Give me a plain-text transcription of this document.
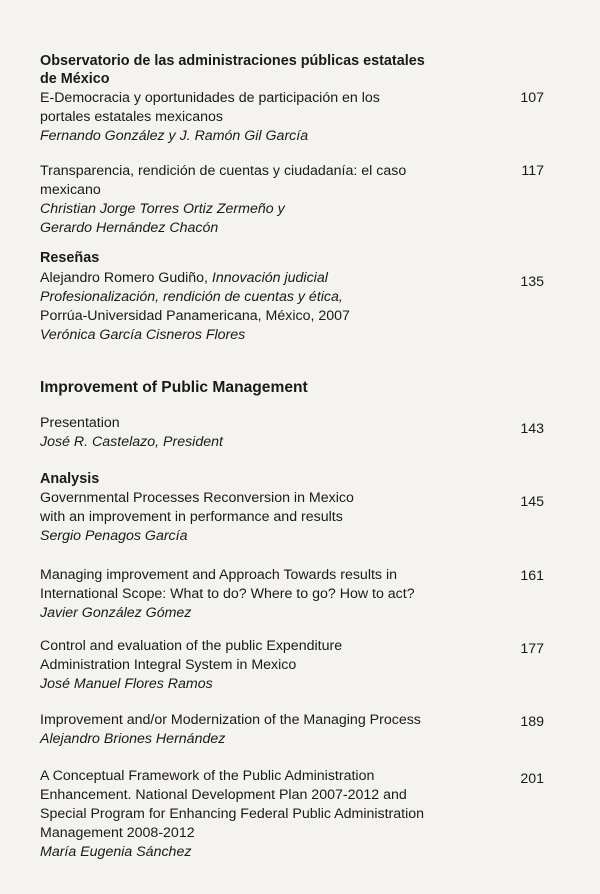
Observatorio de las administraciones públicas estatales
de México
E-Democracia y oportunidades de participación en los
portales estatales mexicanos
Fernando González y J. Ramón Gil García
107
Transparencia, rendición de cuentas y ciudadanía: el caso
mexicano
Christian Jorge Torres Ortiz Zermeño y
Gerardo Hernández Chacón
117
Reseñas
Alejandro Romero Gudiño, Innovación judicial
Profesionalización, rendición de cuentas y ética,
Porrúa-Universidad Panamericana, México, 2007
Verónica García Cisneros Flores
135
Improvement of Public Management
Presentation
José R. Castelazo, President
143
Analysis
Governmental Processes Reconversion in Mexico
with an improvement in performance and results
Sergio Penagos García
145
Managing improvement and Approach Towards results in
International Scope: What to do? Where to go? How to act?
Javier González Gómez
161
Control and evaluation of the public Expenditure
Administration Integral System in Mexico
José Manuel Flores Ramos
177
Improvement and/or Modernization of the Managing Process
Alejandro Briones Hernández
189
A Conceptual Framework of the Public Administration
Enhancement. National Development Plan 2007-2012 and
Special Program for Enhancing Federal Public Administration
Management 2008-2012
María Eugenia Sánchez
201
